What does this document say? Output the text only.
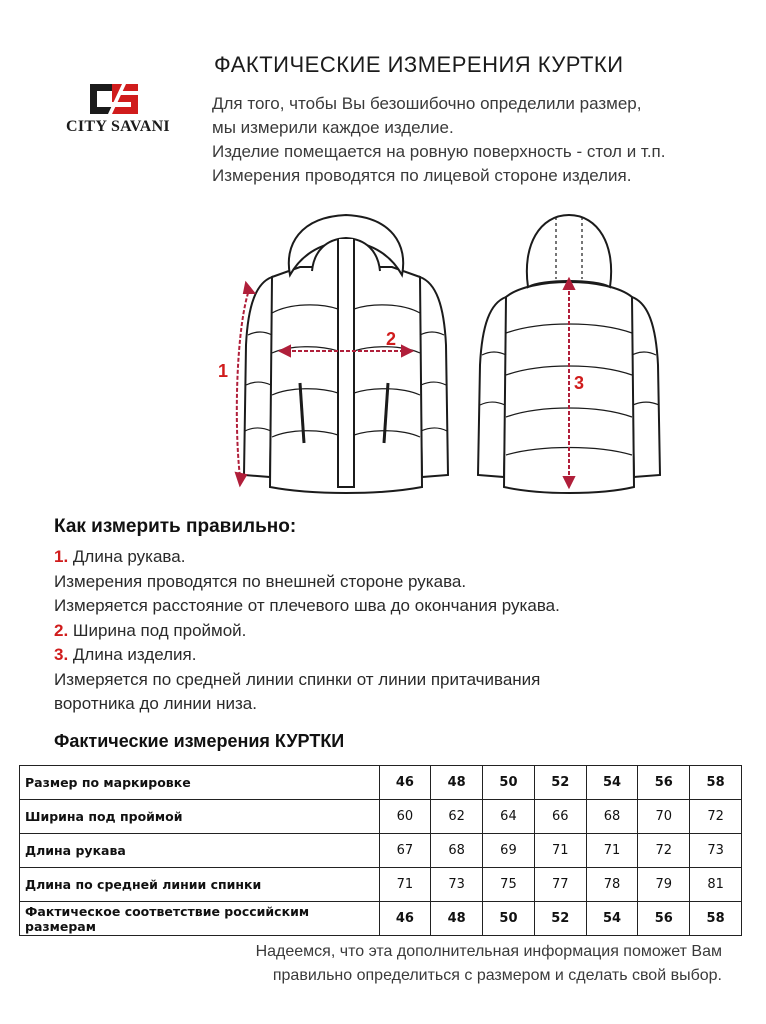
CITY SAVANI
ФАКТИЧЕСКИЕ ИЗМЕРЕНИЯ КУРТКИ
Для того, чтобы Вы безошибочно определили размер,
мы измерили каждое изделие.
Изделие помещается на ровную поверхность - стол и т.п.
Измерения проводятся по лицевой стороне изделия.
1
2
3
Как измерить правильно:
1. Длина рукава.
Измерения проводятся по внешней стороне рукава.
Измеряется расстояние от плечевого шва до окончания рукава.
2. Ширина под проймой.
3. Длина изделия.
Измеряется по средней линии спинки от линии притачивания
воротника до линии низа.
Фактические измерения КУРТКИ
Размер по маркировке	46	48	50	52	54	56	58
Ширина под проймой	60	62	64	66	68	70	72
Длина рукава	67	68	69	71	71	72	73
Длина по средней линии спинки	71	73	75	77	78	79	81
Фактическое соответствие российским размерам	46	48	50	52	54	56	58
Надеемся, что эта дополнительная информация поможет Вам
правильно определиться с размером и сделать свой выбор.
